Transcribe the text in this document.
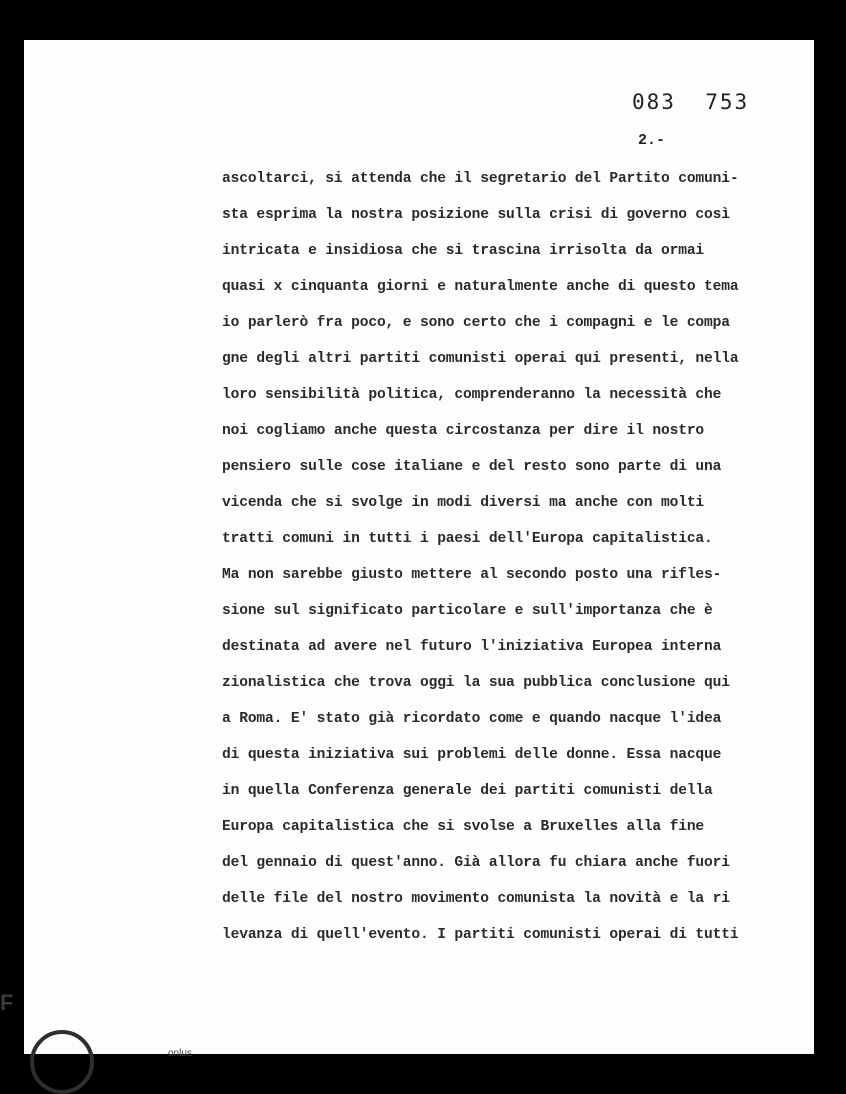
083  753
2.-
ascoltarci, si attenda che il segretario del Partito comuni-
sta esprima la nostra posizione sulla crisi di governo così
intricata e insidiosa che si trascina irrisolta da ormai
quasi x cinquanta giorni e naturalmente anche di questo tema
io parlerò fra poco, e sono certo che i compagni e le compa
gne degli altri partiti comunisti operai qui presenti, nella
loro sensibilità politica, comprenderanno la necessità che
noi cogliamo anche questa circostanza per dire il nostro
pensiero sulle cose italiane e del resto sono parte di una
vicenda che si svolge in modi diversi ma anche con molti
tratti comuni in tutti i paesi dell'Europa capitalistica.
Ma non sarebbe giusto mettere al secondo posto una rifles-
sione sul significato particolare e sull'importanza che è
destinata ad avere nel futuro l'iniziativa Europea interna
zionalistica che trova oggi la sua pubblica conclusione qui
a Roma. E' stato già ricordato come e quando nacque l'idea
di questa iniziativa sui problemi delle donne. Essa nacque
in quella Conferenza generale dei partiti comunisti della
Europa capitalistica che si svolse a Bruxelles alla fine
del gennaio di quest'anno. Già allora fu chiara anche fuori
delle file del nostro movimento comunista la novità e la ri
levanza di quell'evento. I partiti comunisti operai di tutti
F
onlus
